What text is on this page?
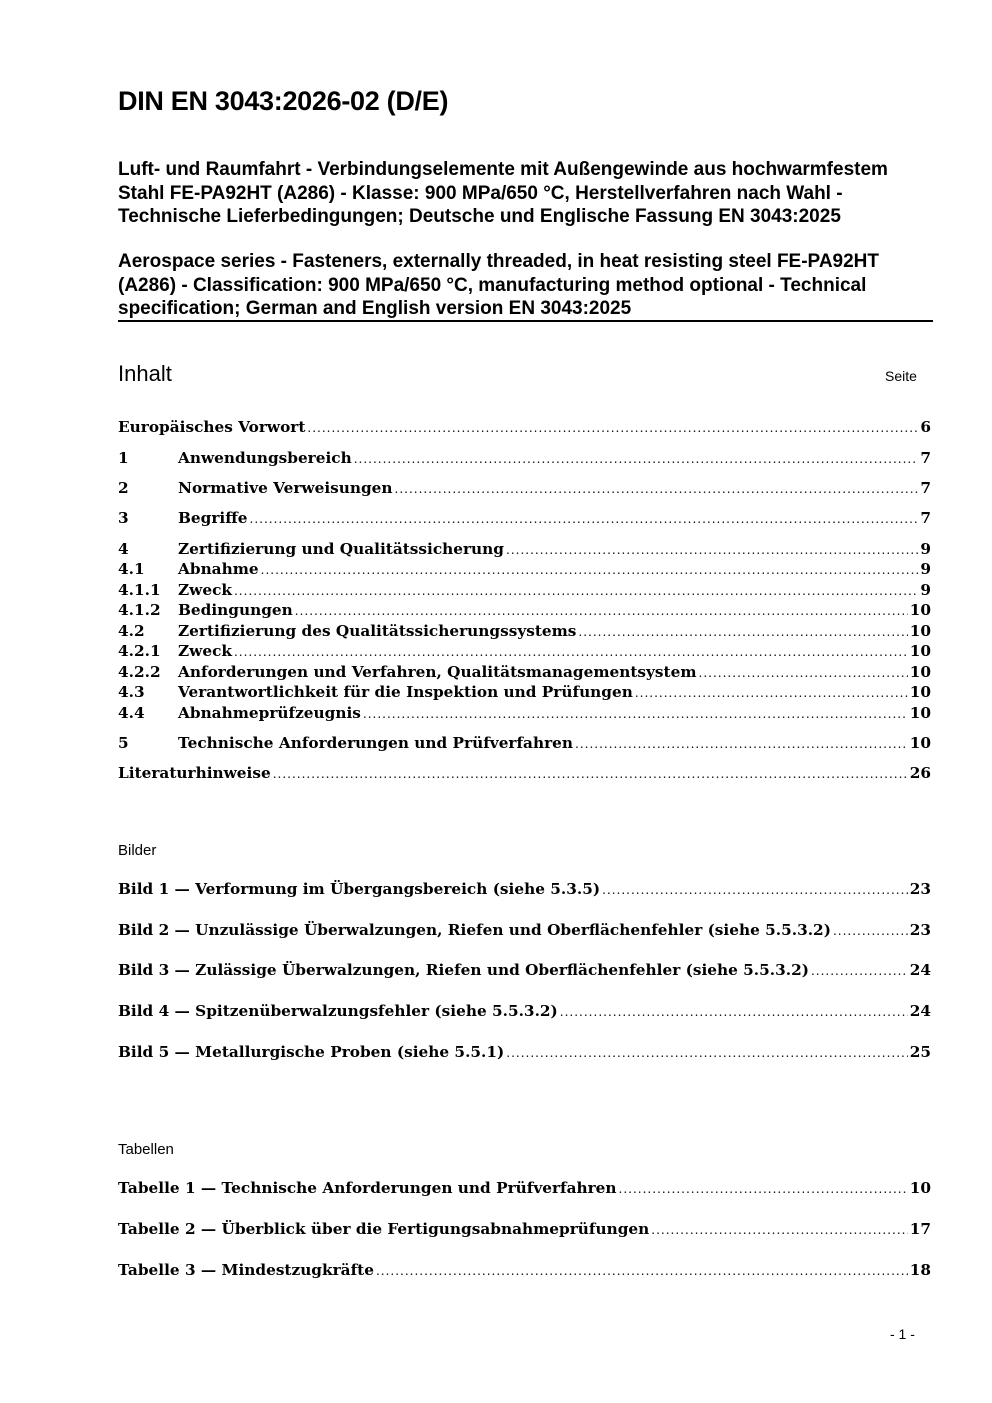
DIN EN 3043:2026-02 (D/E)
Luft- und Raumfahrt - Verbindungselemente mit Außengewinde aus hochwarmfestem Stahl FE-PA92HT (A286) - Klasse: 900 MPa/650 °C, Herstellverfahren nach Wahl - Technische Lieferbedingungen; Deutsche und Englische Fassung EN 3043:2025
Aerospace series - Fasteners, externally threaded, in heat resisting steel FE-PA92HT (A286) - Classification: 900 MPa/650 °C, manufacturing method optional - Technical specification; German and English version EN 3043:2025
Inhalt	Seite
Europäisches Vorwort .....	6
1	Anwendungsbereich .....	7
2	Normative Verweisungen .....	7
3	Begriffe .....	7
4	Zertifizierung und Qualitätssicherung .....	9
4.1	Abnahme .....	9
4.1.1	Zweck .....	9
4.1.2	Bedingungen .....	10
4.2	Zertifizierung des Qualitätssicherungssystems .....	10
4.2.1	Zweck .....	10
4.2.2	Anforderungen und Verfahren, Qualitätsmanagementsystem .....	10
4.3	Verantwortlichkeit für die Inspektion und Prüfungen .....	10
4.4	Abnahmeprüfzeugnis .....	10
5	Technische Anforderungen und Prüfverfahren .....	10
Literaturhinweise .....	26
Bilder
Bild 1 — Verformung im Übergangsbereich (siehe 5.3.5) .....	23
Bild 2 — Unzulässige Überwalzungen, Riefen und Oberflächenfehler (siehe 5.5.3.2) .....	23
Bild 3 — Zulässige Überwalzungen, Riefen und Oberflächenfehler (siehe 5.5.3.2) .....	24
Bild 4 — Spitzenüberwalzungsfehler (siehe 5.5.3.2) .....	24
Bild 5 — Metallurgische Proben (siehe 5.5.1) .....	25
Tabellen
Tabelle 1 — Technische Anforderungen und Prüfverfahren .....	10
Tabelle 2 — Überblick über die Fertigungsabnahmeprüfungen .....	17
Tabelle 3 — Mindestzugkräfte .....	18
- 1 -
